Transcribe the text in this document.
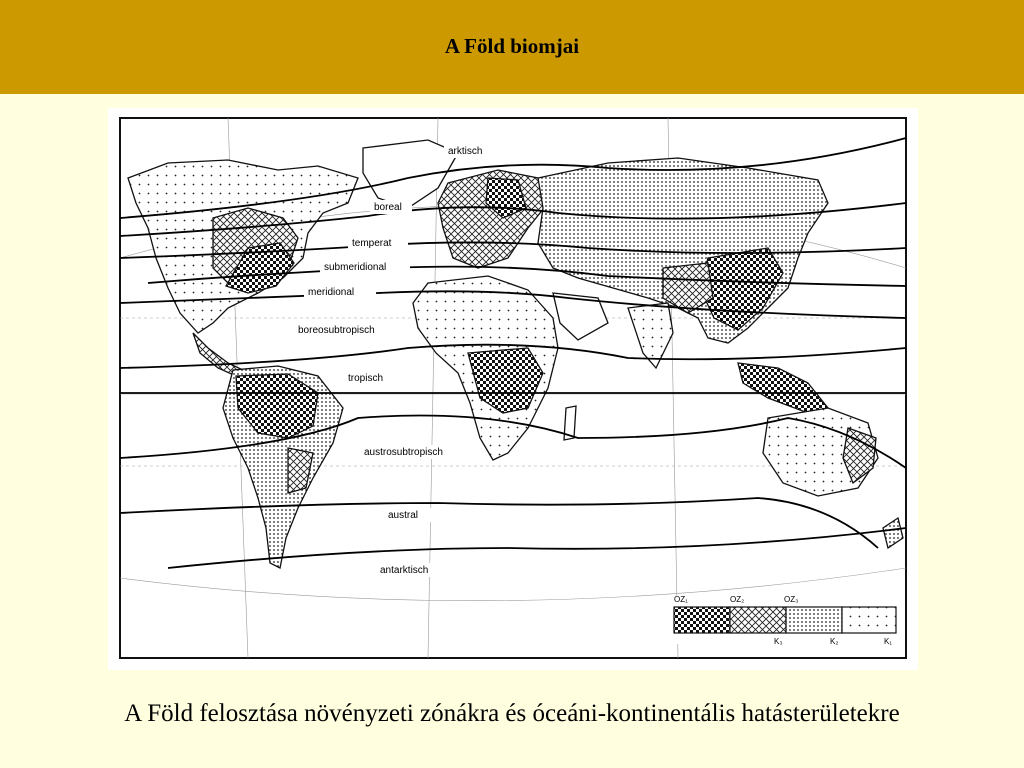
A Föld biomjai
arktisch
boreal
temperat
submeridional
meridional
boreosubtropisch
tropisch
austrosubtropisch
austral
antarktisch
OZ₁	OZ₂	OZ₃
K₃	K₂	K₁
A Föld felosztása növényzeti zónákra és óceáni-kontinentális hatásterületekre
